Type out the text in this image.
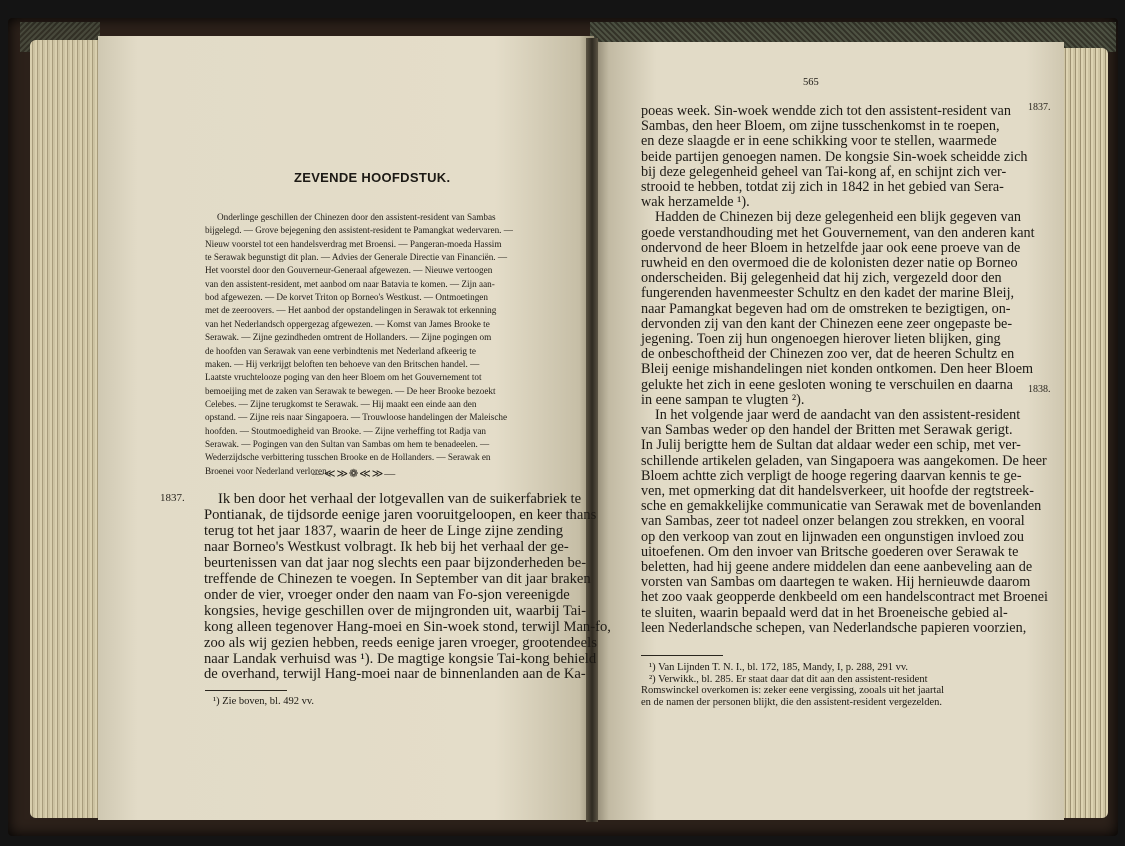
ZEVENDE HOOFDSTUK.
Onderlinge geschillen der Chinezen door den assistent-resident van Sambas
bijgelegd. — Grove bejegening den assistent-resident te Pamangkat wedervaren. —
Nieuw voorstel tot een handelsverdrag met Broensi. — Pangeran-moeda Hassim
te Serawak begunstigt dit plan. — Advies der Generale Directie van Financiën. —
Het voorstel door den Gouverneur-Generaal afgewezen. — Nieuwe vertoogen
van den assistent-resident, met aanbod om naar Batavia te komen. — Zijn aan-
bod afgewezen. — De korvet Triton op Borneo's Westkust. — Ontmoetingen
met de zeeroovers. — Het aanbod der opstandelingen in Serawak tot erkenning
van het Nederlandsch oppergezag afgewezen. — Komst van James Brooke te
Serawak. — Zijne gezindheden omtrent de Hollanders. — Zijne pogingen om
de hoofden van Serawak van eene verbindtenis met Nederland afkeerig te
maken. — Hij verkrijgt beloften ten behoeve van den Britschen handel. —
Laatste vruchtelooze poging van den heer Bloem om het Gouvernement tot
bemoeijing met de zaken van Serawak te bewegen. — De heer Brooke bezoekt
Celebes. — Zijne terugkomst te Serawak. — Hij maakt een einde aan den
opstand. — Zijne reis naar Singapoera. — Trouwloose handelingen der Maleische
hoofden. — Stoutmoedigheid van Brooke. — Zijne verheffing tot Radja van
Serawak. — Pogingen van den Sultan van Sambas om hem te benadeelen. —
Wederzijdsche verbittering tusschen Brooke en de Hollanders. — Serawak en
Broenei voor Nederland verloren.
—≪≫❁≪≫—
1837. Ik ben door het verhaal der lotgevallen van de suikerfabriek te
Pontianak, de tijdsorde eenige jaren vooruitgeloopen, en keer thans
terug tot het jaar 1837, waarin de heer de Linge zijne zending
naar Borneo's Westkust volbragt. Ik heb bij het verhaal der ge-
beurtenissen van dat jaar nog slechts een paar bijzonderheden be-
treffende de Chinezen te voegen. In September van dit jaar braken
onder de vier, vroeger onder den naam van Fo-sjon vereenigde
kongsies, hevige geschillen over de mijngronden uit, waarbij Tai-
kong alleen tegenover Hang-moei en Sin-woek stond, terwijl Man-fo,
zoo als wij gezien hebben, reeds eenige jaren vroeger, grootendeels
naar Landak verhuisd was ¹). De magtige kongsie Tai-kong behield
de overhand, terwijl Hang-moei naar de binnenlanden aan de Ka-
¹) Zie boven, bl. 492 vv.
565
1837.
1838.
poeas week. Sin-woek wendde zich tot den assistent-resident van
Sambas, den heer Bloem, om zijne tusschenkomst in te roepen,
en deze slaagde er in eene schikking voor te stellen, waarmede
beide partijen genoegen namen. De kongsie Sin-woek scheidde zich
bij deze gelegenheid geheel van Tai-kong af, en schijnt zich ver-
strooid te hebben, totdat zij zich in 1842 in het gebied van Sera-
wak herzamelde ¹).
Hadden de Chinezen bij deze gelegenheid een blijk gegeven van
goede verstandhouding met het Gouvernement, van den anderen kant
ondervond de heer Bloem in hetzelfde jaar ook eene proeve van de
ruwheid en den overmoed die de kolonisten dezer natie op Borneo
onderscheiden. Bij gelegenheid dat hij zich, vergezeld door den
fungerenden havenmeester Schultz en den kadet der marine Bleij,
naar Pamangkat begeven had om de omstreken te bezigtigen, on-
dervonden zij van den kant der Chinezen eene zeer ongepaste be-
jegening. Toen zij hun ongenoegen hierover lieten blijken, ging
de onbeschoftheid der Chinezen zoo ver, dat de heeren Schultz en
Bleij eenige mishandelingen niet konden ontkomen. Den heer Bloem
gelukte het zich in eene gesloten woning te verschuilen en daarna
in eene sampan te vlugten ²).
In het volgende jaar werd de aandacht van den assistent-resident
van Sambas weder op den handel der Britten met Serawak gerigt.
In Julij berigtte hem de Sultan dat aldaar weder een schip, met ver-
schillende artikelen geladen, van Singapoera was aangekomen. De heer
Bloem achtte zich verpligt de hooge regering daarvan kennis te ge-
ven, met opmerking dat dit handelsverkeer, uit hoofde der regtstreek-
sche en gemakkelijke communicatie van Serawak met de bovenlanden
van Sambas, zeer tot nadeel onzer belangen zou strekken, en vooral
op den verkoop van zout en lijnwaden een ongunstigen invloed zou
uitoefenen. Om den invoer van Britsche goederen over Serawak te
beletten, had hij geene andere middelen dan eene aanbeveling aan de
vorsten van Sambas om daartegen te waken. Hij hernieuwde daarom
het zoo vaak geopperde denkbeeld om een handelscontract met Broenei
te sluiten, waarin bepaald werd dat in het Broeneische gebied al-
leen Nederlandsche schepen, van Nederlandsche papieren voorzien,
¹) Van Lijnden T. N. I., bl. 172, 185, Mandy, I, p. 288, 291 vv.
²) Verwikk., bl. 285. Er staat daar dat dit aan den assistent-resident
Romswinckel overkomen is: zeker eene vergissing, zooals uit het jaartal
en de namen der personen blijkt, die den assistent-resident vergezelden.
